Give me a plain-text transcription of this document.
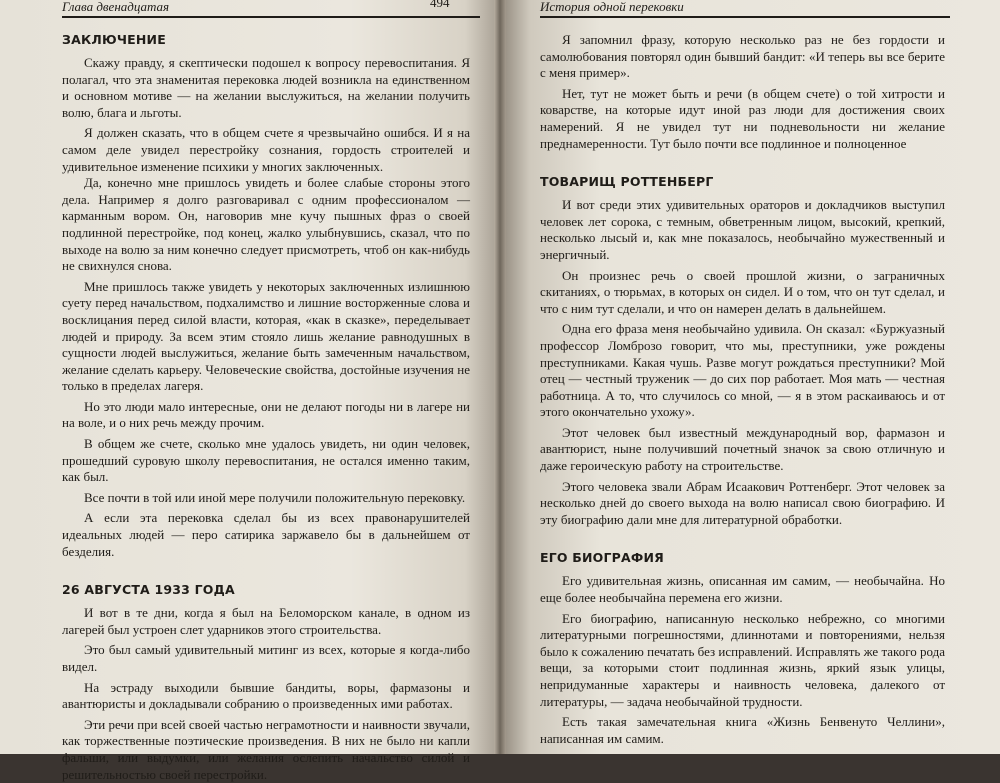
Глава двенадцатая	494
ЗАКЛЮЧЕНИЕ

Скажу правду, я скептически подошел к вопросу перевоспитания. Я полагал, что эта знаменитая перековка людей возникла на единственном и основном мотиве — на желании выслужиться, на желании получить волю, блага и льготы.

Я должен сказать, что в общем счете я чрезвычайно ошибся. И я на самом деле увидел перестройку сознания, гордость строителей и удивительное изменение психики у многих заключенных.

Да, конечно мне пришлось увидеть и более слабые стороны этого дела. Например я долго разговаривал с одним профессионалом — карманным вором. Он, наговорив мне кучу пышных фраз о своей подлинной перестройке, под конец, жалко улыбнувшись, сказал, что по выходе на волю за ним конечно следует присмотреть, чтоб он как-нибудь не свихнулся снова.

Мне пришлось также увидеть у некоторых заключенных излишнюю суету перед начальством, подхалимство и лишние восторженные слова и восклицания перед силой власти, которая, «как в сказке», переделывает людей и природу. За всем этим стояло лишь желание равнодушных в сущности людей выслужиться, желание быть замеченным начальством, желание сделать карьеру. Человеческие свойства, достойные изучения не только в пределах лагеря.

Но это люди мало интересные, они не делают погоды ни в лагере ни на воле, и о них речь между прочим.

В общем же счете, сколько мне удалось увидеть, ни один человек, прошедший суровую школу перевоспитания, не остался именно таким, как был.

Все почти в той или иной мере получили положительную перековку.

А если эта перековка сделал бы из всех правонарушителей идеальных людей — перо сатирика заржавело бы в дальнейшем от безделия.

26 АВГУСТА 1933 ГОДА

И вот в те дни, когда я был на Беломорском канале, в одном из лагерей был устроен слет ударников этого строительства.

Это был самый удивительный митинг из всех, которые я когда-либо видел.

На эстраду выходили бывшие бандиты, воры, фармазоны и авантюристы и докладывали собранию о произведенных ими работах.

Эти речи при всей своей частью неграмотности и наивности звучали, как торжественные поэтические произведения. В них не было ни капли фальши, или выдумки, или желания ослепить начальство силой и решительностью своей перестройки.

История одной перековки

Я запомнил фразу, которую несколько раз не без гордости и самолюбования повторял один бывший бандит: «И теперь вы все берите с меня пример».

Нет, тут не может быть и речи (в общем счете) о той хитрости и коварстве, на которые идут иной раз люди для достижения своих намерений. Я не увидел тут ни подневольности ни желание преднамеренности. Тут было почти все подлинное и полноценное

ТОВАРИЩ РОТТЕНБЕРГ

И вот среди этих удивительных ораторов и докладчиков выступил человек лет сорока, с темным, обветренным лицом, высокий, крепкий, несколько лысый и, как мне показалось, необычайно мужественный и энергичный.

Он произнес речь о своей прошлой жизни, о заграничных скитаниях, о тюрьмах, в которых он сидел. И о том, что он тут сделал, и что с ним тут сделали, и что он намерен делать в дальнейшем.

Одна его фраза меня необычайно удивила. Он сказал: «Буржуазный профессор Ломброзо говорит, что мы, преступники, уже рождены преступниками. Какая чушь. Разве могут рождаться преступники? Мой отец — честный труженик — до сих пор работает. Моя мать — честная работница. А то, что случилось со мной, — я в этом раскаиваюсь и от этого окончательно ухожу».

Этот человек был известный международный вор, фармазон и авантюрист, ныне получивший почетный значок за свою отличную и даже героическую работу на строительстве.

Этого человека звали Абрам Исаакович Роттенберг. Этот человек за несколько дней до своего выхода на волю написал свою биографию. И эту биографию дали мне для литературной обработки.

ЕГО БИОГРАФИЯ

Его удивительная жизнь, описанная им самим, — необычайна. Но еще более необычайна перемена его жизни.

Его биографию, написанную несколько небрежно, со многими литературными погрешностями, длиннотами и повторениями, нельзя было к сожалению печатать без исправлений. Исправлять же такого рода вещи, за которыми стоит подлинная жизнь, яркий язык улицы, непридуманные характеры и наивность человека, далекого от литературы, — задача необычайной трудности.

Есть такая замечательная книга «Жизнь Бенвенуто Челлини», написанная им самим.
